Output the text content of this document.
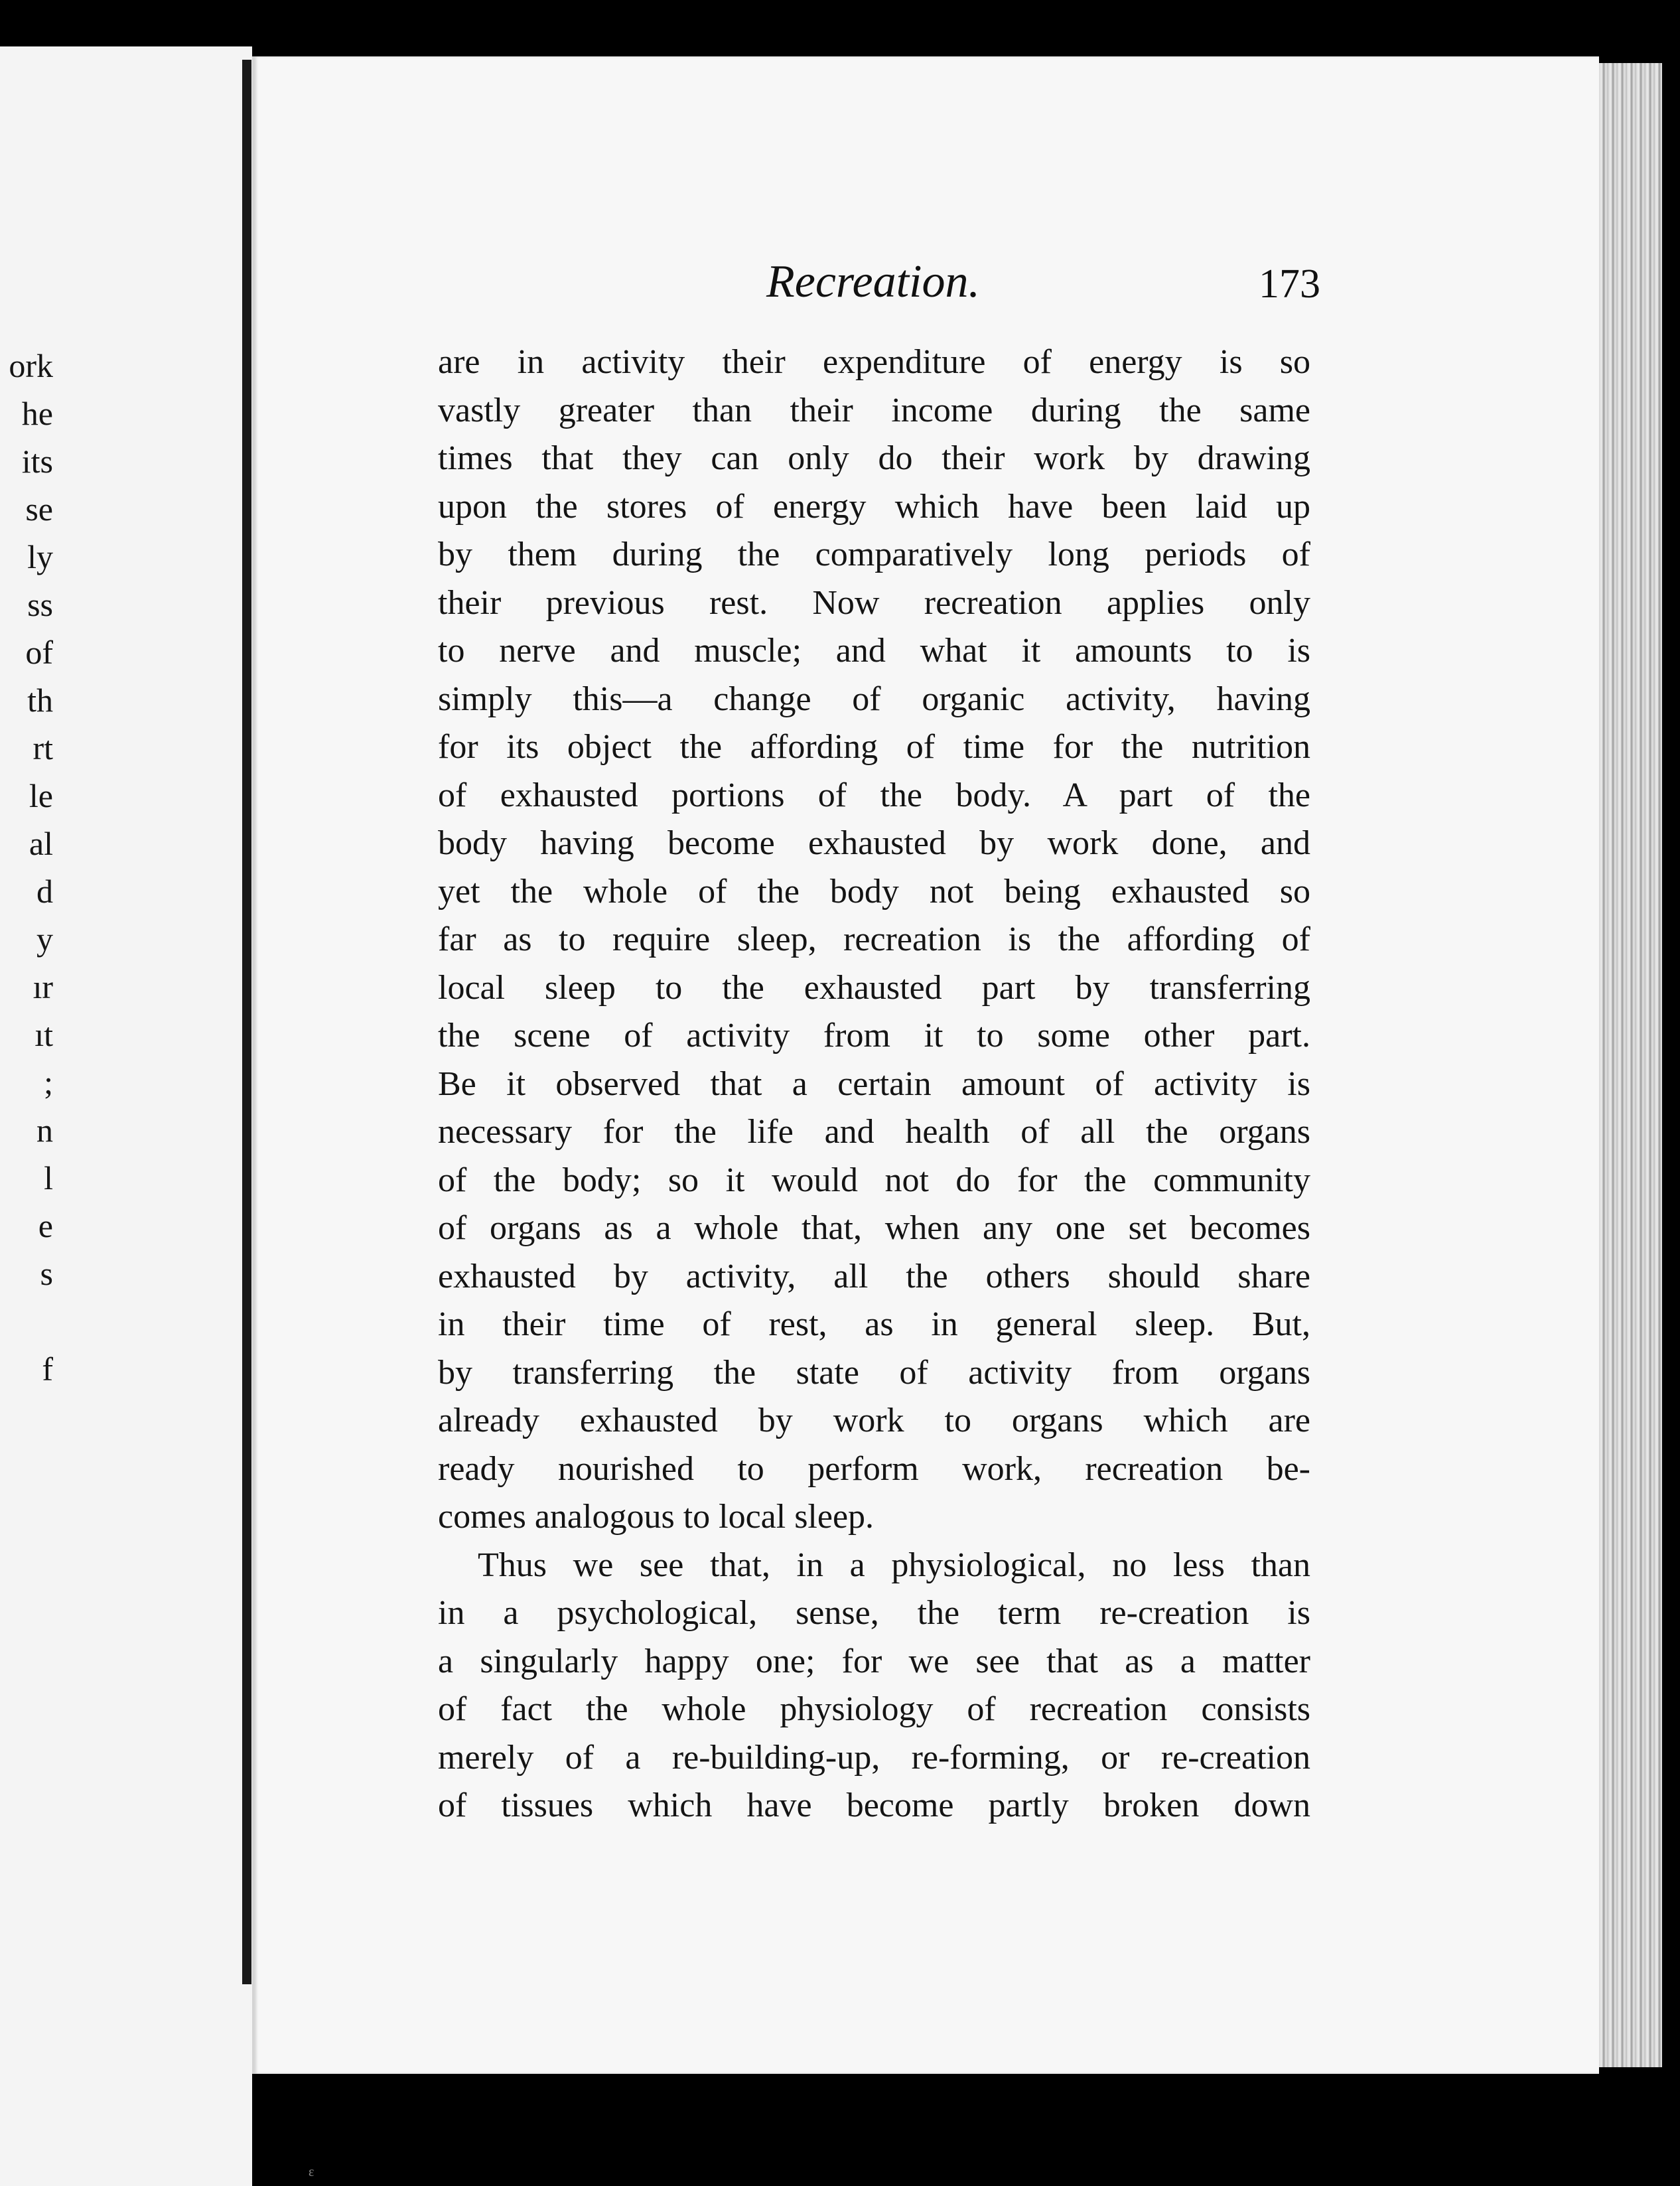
ork
he
its
se
ly
ss
of
th
rt
le
al
d
y
ır
ıt
;
n
l
e
s
f
Recreation.	173
are in activity their expenditure of energy is so
vastly greater than their income during the same
times that they can only do their work by drawing
upon the stores of energy which have been laid up
by them during the comparatively long periods of
their previous rest. Now recreation applies only
to nerve and muscle; and what it amounts to is
simply this—a change of organic activity, having
for its object the affording of time for the nutrition
of exhausted portions of the body. A part of the
body having become exhausted by work done, and
yet the whole of the body not being exhausted so
far as to require sleep, recreation is the affording of
local sleep to the exhausted part by transferring
the scene of activity from it to some other part.
Be it observed that a certain amount of activity is
necessary for the life and health of all the organs
of the body; so it would not do for the community
of organs as a whole that, when any one set becomes
exhausted by activity, all the others should share
in their time of rest, as in general sleep. But,
by transferring the state of activity from organs
already exhausted by work to organs which are
ready nourished to perform work, recreation be-
comes analogous to local sleep.
Thus we see that, in a physiological, no less than
in a psychological, sense, the term re-creation is
a singularly happy one; for we see that as a matter
of fact the whole physiology of recreation consists
merely of a re-building-up, re-forming, or re-creation
of tissues which have become partly broken down
ε
